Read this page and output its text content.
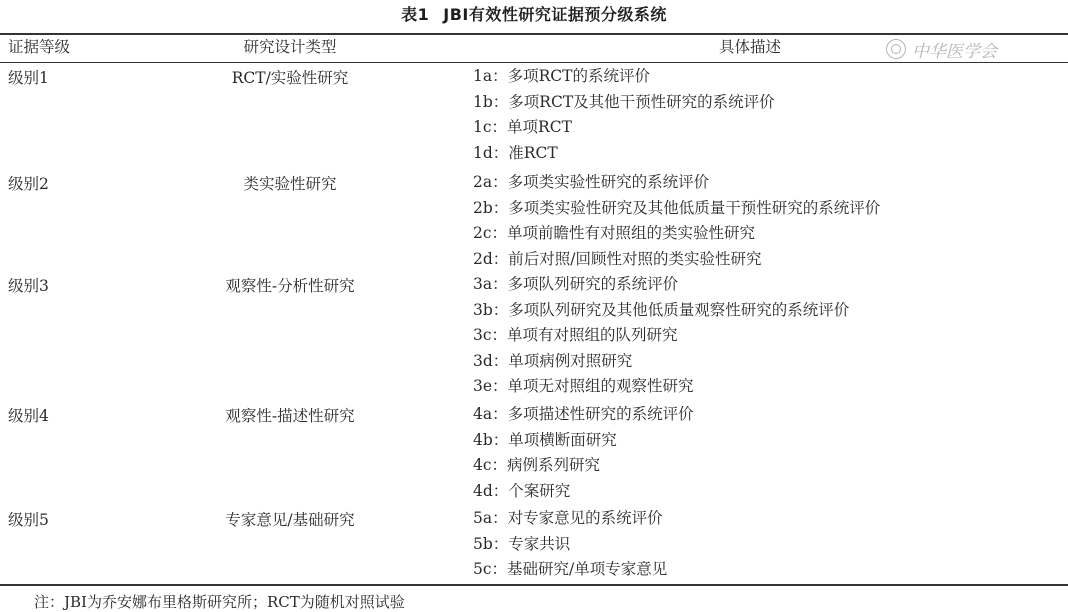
表1 JBI有效性研究证据预分级系统
证据等级	研究设计类型	具体描述	中华医学会
级别1	RCT/实验性研究	1a：多项RCT的系统评价
1b：多项RCT及其他干预性研究的系统评价
1c：单项RCT
1d：准RCT
级别2	类实验性研究	2a：多项类实验性研究的系统评价
2b：多项类实验性研究及其他低质量干预性研究的系统评价
2c：单项前瞻性有对照组的类实验性研究
2d：前后对照/回顾性对照的类实验性研究
级别3	观察性-分析性研究	3a：多项队列研究的系统评价
3b：多项队列研究及其他低质量观察性研究的系统评价
3c：单项有对照组的队列研究
3d：单项病例对照研究
3e：单项无对照组的观察性研究
级别4	观察性-描述性研究	4a：多项描述性研究的系统评价
4b：单项横断面研究
4c：病例系列研究
4d：个案研究
级别5	专家意见/基础研究	5a：对专家意见的系统评价
5b：专家共识
5c：基础研究/单项专家意见
注：JBI为乔安娜布里格斯研究所；RCT为随机对照试验
